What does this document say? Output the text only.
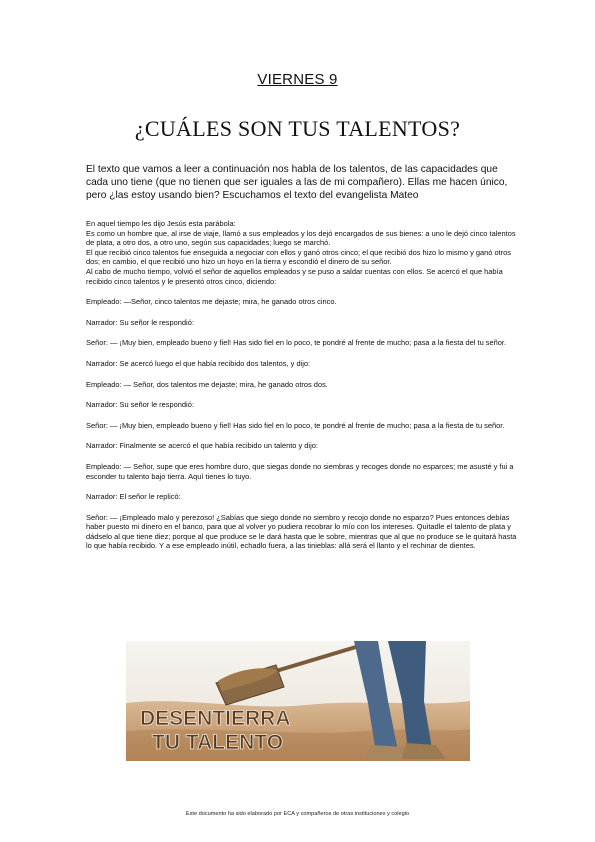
VIERNES 9
¿CUÁLES SON TUS TALENTOS?

El texto que vamos a leer a continuación nos habla de los talentos, de las capacidades que cada uno tiene (que no tienen que ser iguales a las de mi compañero). Ellas me hacen único, pero ¿las estoy usando bien? Escuchamos el texto del evangelista Mateo

En aquel tiempo les dijo Jesús esta parábola:

Es como un hombre que, al irse de viaje, llamó a sus empleados y los dejó encargados de sus bienes: a uno le dejó cinco talentos de plata, a otro dos, a otro uno, según sus capacidades; luego se marchó.

El que recibió cinco talentos fue enseguida a negociar con ellos y ganó otros cinco; el que recibió dos hizo lo mismo y ganó otros dos; en cambio, el que recibió uno hizo un hoyo en la tierra y escondió el dinero de su señor.

Al cabo de mucho tiempo, volvió el señor de aquellos empleados y se puso a saldar cuentas con ellos. Se acercó el que había recibido cinco talentos y le presentó otros cinco, diciendo:

Empleado: —Señor, cinco talentos me dejaste; mira, he ganado otros cinco.

Narrador: Su señor le respondió:

Señor: — ¡Muy bien, empleado bueno y fiel! Has sido fiel en lo poco, te pondré al frente de mucho; pasa a la fiesta del tu señor.

Narrador: Se acercó luego el que había recibido dos talentos, y dijo:

Empleado: — Señor, dos talentos me dejaste; mira, he ganado otros dos.

Narrador: Su señor le respondió:

Señor: — ¡Muy bien, empleado bueno y fiel! Has sido fiel en lo poco, te pondré al frente de mucho; pasa a la fiesta de tu señor.

Narrador: Finalmente se acercó el que había recibido un talento y dijo:

Empleado: — Señor, supe que eres hombre duro, que siegas donde no siembras y recoges donde no esparces; me asusté y fui a esconder tu talento bajo tierra. Aquí tienes lo tuyo.

Narrador: El señor le replicó:

Señor: — ¡Empleado malo y perezoso! ¿Sabías que siego donde no siembro y recojo donde no esparzo? Pues entonces debías haber puesto mi dinero en el banco, para que al volver yo pudiera recobrar lo mío con los intereses. Quitadle el talento de plata y dádselo al que tiene diez; porque al que produce se le dará hasta que le sobre, mientras que al que no produce se le quitará hasta lo que había recibido. Y a ese empleado inútil, echadlo fuera, a las tinieblas: allá será el llanto y el rechinar de dientes.

DESENTIERRA
TU TALENTO
Este documento ha sido elaborado por ECA y compañeros de otras instituciones y colegio
